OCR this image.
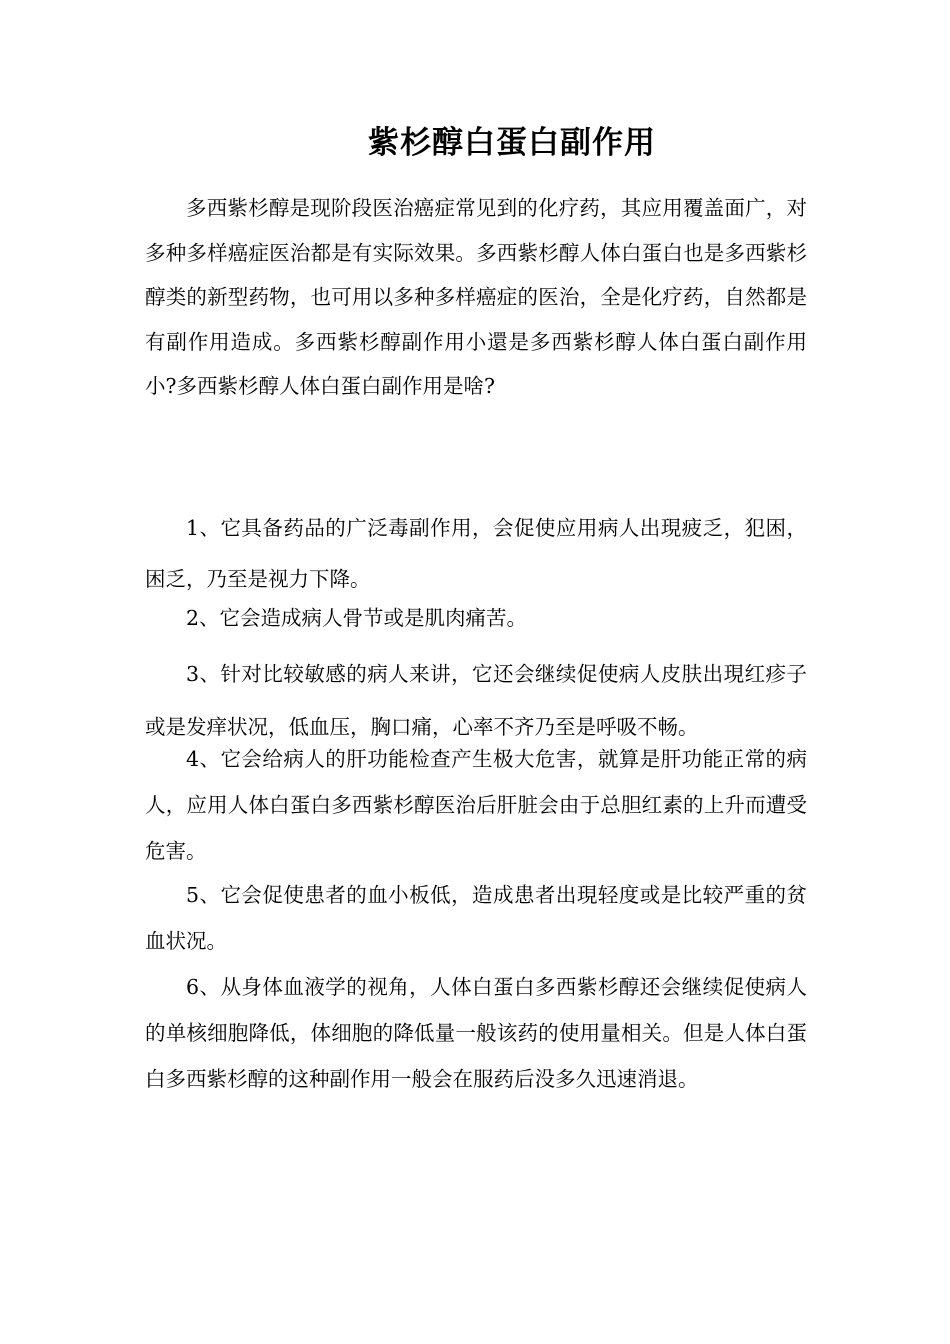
紫杉醇白蛋白副作用

多西紫杉醇是现阶段医治癌症常见到的化疗药，其应用覆盖面广，对多种多样癌症医治都是有实际效果。多西紫杉醇人体白蛋白也是多西紫杉醇类的新型药物，也可用以多种多样癌症的医治，全是化疗药，自然都是有副作用造成。多西紫杉醇副作用小還是多西紫杉醇人体白蛋白副作用小?多西紫杉醇人体白蛋白副作用是啥?

1、它具备药品的广泛毒副作用，会促使应用病人出現疲乏，犯困，困乏，乃至是视力下降。

2、它会造成病人骨节或是肌肉痛苦。

3、针对比较敏感的病人来讲，它还会继续促使病人皮肤出現红疹子或是发痒状况，低血压，胸口痛，心率不齐乃至是呼吸不畅。

4、它会给病人的肝功能检查产生极大危害，就算是肝功能正常的病人，应用人体白蛋白多西紫杉醇医治后肝脏会由于总胆红素的上升而遭受危害。

5、它会促使患者的血小板低，造成患者出現轻度或是比较严重的贫血状况。

6、从身体血液学的视角，人体白蛋白多西紫杉醇还会继续促使病人的单核细胞降低，体细胞的降低量一般该药的使用量相关。但是人体白蛋白多西紫杉醇的这种副作用一般会在服药后没多久迅速消退。
